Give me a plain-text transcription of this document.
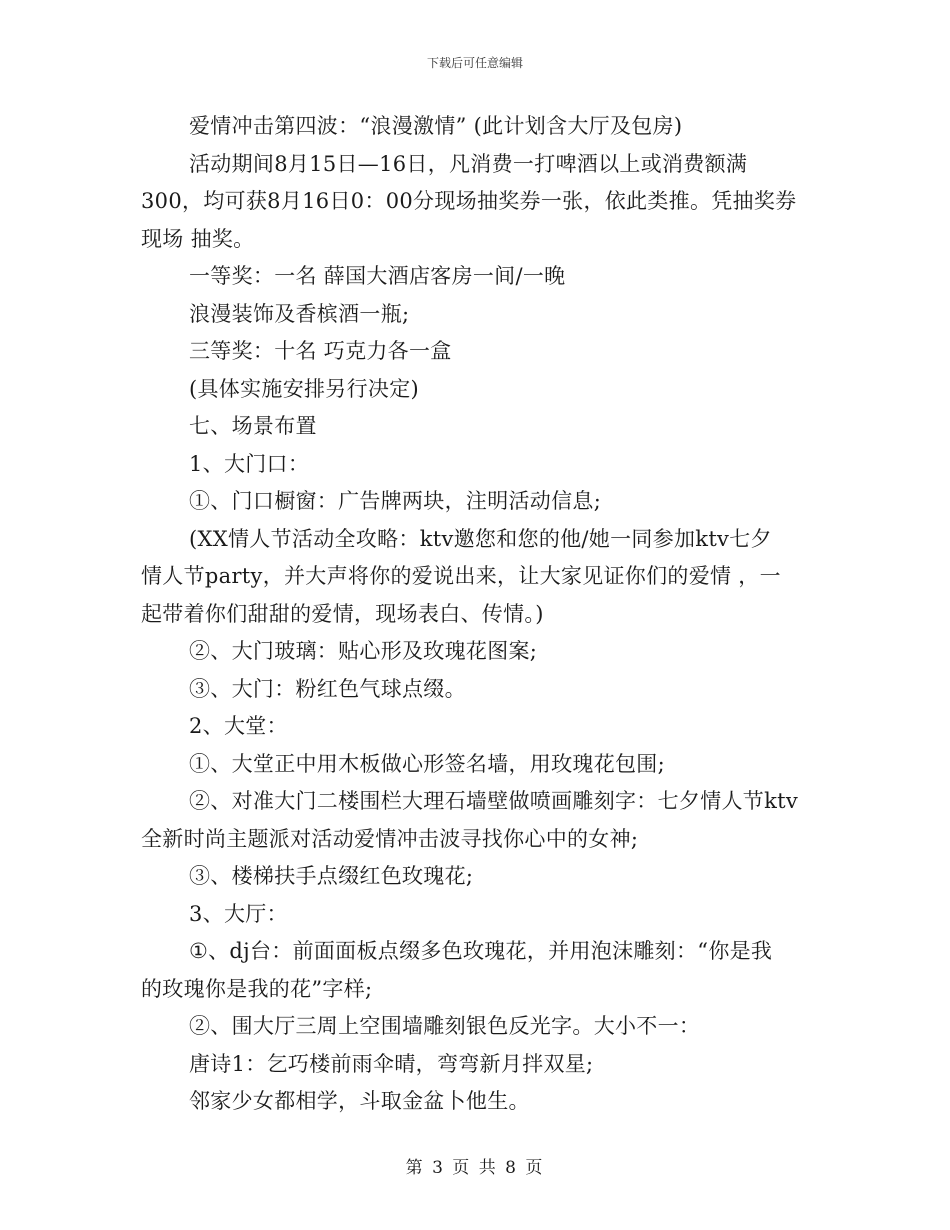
下载后可任意编辑

爱情冲击第四波：“浪漫激情” (此计划含大厅及包房)

活动期间8月15日—16日，凡消费一打啤酒以上或消费额满

300，均可获8月16日0：00分现场抽奖券一张，依此类推。凭抽奖券

现场 抽奖。

一等奖：一名 薛国大酒店客房一间/一晚

浪漫装饰及香槟酒一瓶;

三等奖：十名 巧克力各一盒

(具体实施安排另行决定)

七、场景布置

1、大门口：

①、门口橱窗：广告牌两块，注明活动信息;

(XX情人节活动全攻略：ktv邀您和您的他/她一同参加ktv七夕

情人节party，并大声将你的爱说出来，让大家见证你们的爱情 ，一

起带着你们甜甜的爱情，现场表白、传情。)

②、大门玻璃：贴心形及玫瑰花图案;

③、大门：粉红色气球点缀。

2、大堂：

①、大堂正中用木板做心形签名墙，用玫瑰花包围;

②、对准大门二楼围栏大理石墙壁做喷画雕刻字：七夕情人节ktv

全新时尚主题派对活动爱情冲击波寻找你心中的女神;

③、楼梯扶手点缀红色玫瑰花;

3、大厅：

①、dj台：前面面板点缀多色玫瑰花，并用泡沫雕刻：“你是我

的玫瑰你是我的花”字样;

②、围大厅三周上空围墙雕刻银色反光字。大小不一：

唐诗1：乞巧楼前雨伞晴，弯弯新月拌双星;

邻家少女都相学，斗取金盆卜他生。

第 3 页 共 8 页
